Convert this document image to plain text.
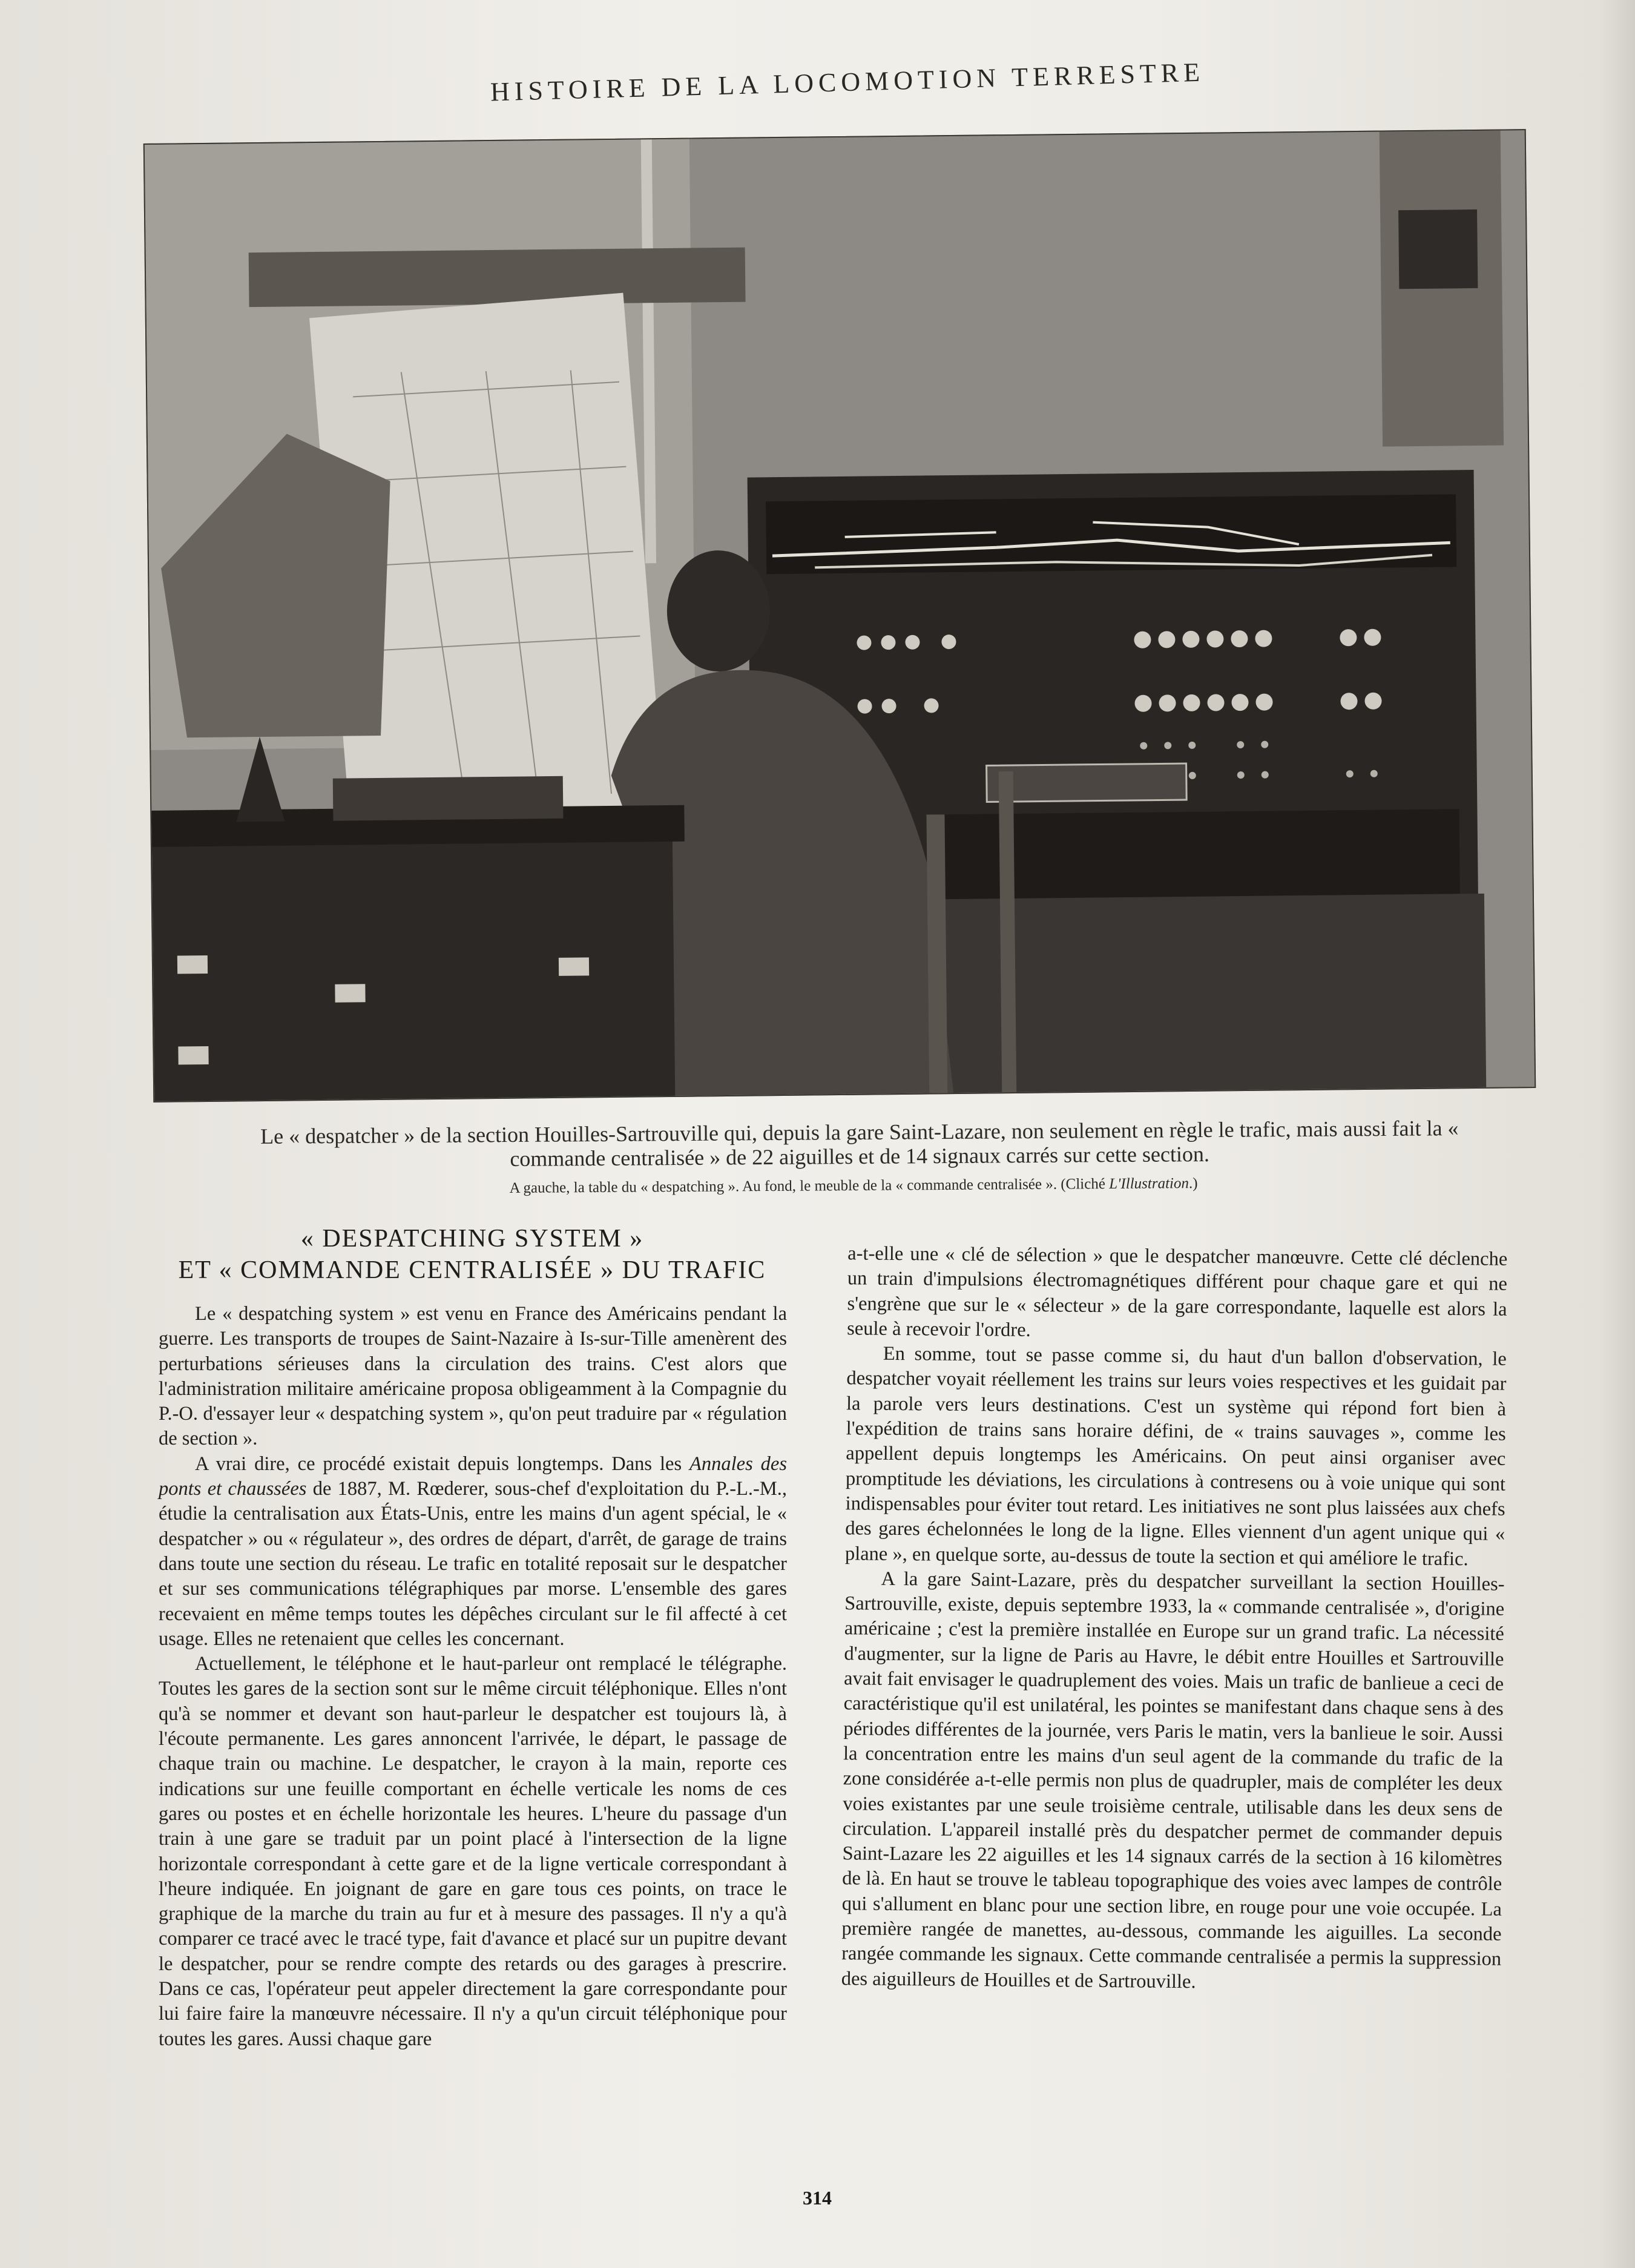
HISTOIRE DE LA LOCOMOTION TERRESTRE
Le « despatcher » de la section Houilles-Sartrouville qui, depuis la gare Saint-Lazare, non seulement en règle le trafic, mais aussi fait la « commande centralisée » de 22 aiguilles et de 14 signaux carrés sur cette section.
A gauche, la table du « despatching ». Au fond, le meuble de la « commande centralisée ». (Cliché L'Illustration.)
« DESPATCHING SYSTEM »
ET « COMMANDE CENTRALISÉE » DU TRAFIC

Le « despatching system » est venu en France des Américains pendant la guerre. Les transports de troupes de Saint-Nazaire à Is-sur-Tille amenèrent des perturbations sérieuses dans la circulation des trains. C'est alors que l'administration militaire américaine proposa obligeamment à la Compagnie du P.-O. d'essayer leur « despatching system », qu'on peut traduire par « régulation de section ».

A vrai dire, ce procédé existait depuis longtemps. Dans les Annales des ponts et chaussées de 1887, M. Rœderer, sous-chef d'exploitation du P.-L.-M., étudie la centralisation aux États-Unis, entre les mains d'un agent spécial, le « despatcher » ou « régulateur », des ordres de départ, d'arrêt, de garage de trains dans toute une section du réseau. Le trafic en totalité reposait sur le despatcher et sur ses communications télégraphiques par morse. L'ensemble des gares recevaient en même temps toutes les dépêches circulant sur le fil affecté à cet usage. Elles ne retenaient que celles les concernant.

Actuellement, le téléphone et le haut-parleur ont remplacé le télégraphe. Toutes les gares de la section sont sur le même circuit téléphonique. Elles n'ont qu'à se nommer et devant son haut-parleur le despatcher est toujours là, à l'écoute permanente. Les gares annoncent l'arrivée, le départ, le passage de chaque train ou machine. Le despatcher, le crayon à la main, reporte ces indications sur une feuille comportant en échelle verticale les noms de ces gares ou postes et en échelle horizontale les heures. L'heure du passage d'un train à une gare se traduit par un point placé à l'intersection de la ligne horizontale correspondant à cette gare et de la ligne verticale correspondant à l'heure indiquée. En joignant de gare en gare tous ces points, on trace le graphique de la marche du train au fur et à mesure des passages. Il n'y a qu'à comparer ce tracé avec le tracé type, fait d'avance et placé sur un pupitre devant le despatcher, pour se rendre compte des retards ou des garages à prescrire. Dans ce cas, l'opérateur peut appeler directement la gare correspondante pour lui faire faire la manœuvre nécessaire. Il n'y a qu'un circuit téléphonique pour toutes les gares. Aussi chaque gare

a-t-elle une « clé de sélection » que le despatcher manœuvre. Cette clé déclenche un train d'impulsions électromagnétiques différent pour chaque gare et qui ne s'engrène que sur le « sélecteur » de la gare correspondante, laquelle est alors la seule à recevoir l'ordre.

En somme, tout se passe comme si, du haut d'un ballon d'observation, le despatcher voyait réellement les trains sur leurs voies respectives et les guidait par la parole vers leurs destinations. C'est un système qui répond fort bien à l'expédition de trains sans horaire défini, de « trains sauvages », comme les appellent depuis longtemps les Américains. On peut ainsi organiser avec promptitude les déviations, les circulations à contresens ou à voie unique qui sont indispensables pour éviter tout retard. Les initiatives ne sont plus laissées aux chefs des gares échelonnées le long de la ligne. Elles viennent d'un agent unique qui « plane », en quelque sorte, au-dessus de toute la section et qui améliore le trafic.

A la gare Saint-Lazare, près du despatcher surveillant la section Houilles-Sartrouville, existe, depuis septembre 1933, la « commande centralisée », d'origine américaine ; c'est la première installée en Europe sur un grand trafic. La nécessité d'augmenter, sur la ligne de Paris au Havre, le débit entre Houilles et Sartrouville avait fait envisager le quadruplement des voies. Mais un trafic de banlieue a ceci de caractéristique qu'il est unilatéral, les pointes se manifestant dans chaque sens à des périodes différentes de la journée, vers Paris le matin, vers la banlieue le soir. Aussi la concentration entre les mains d'un seul agent de la commande du trafic de la zone considérée a-t-elle permis non plus de quadrupler, mais de compléter les deux voies existantes par une seule troisième centrale, utilisable dans les deux sens de circulation. L'appareil installé près du despatcher permet de commander depuis Saint-Lazare les 22 aiguilles et les 14 signaux carrés de la section à 16 kilomètres de là. En haut se trouve le tableau topographique des voies avec lampes de contrôle qui s'allument en blanc pour une section libre, en rouge pour une voie occupée. La première rangée de manettes, au-dessous, commande les aiguilles. La seconde rangée commande les signaux. Cette commande centralisée a permis la suppression des aiguilleurs de Houilles et de Sartrouville.

314
